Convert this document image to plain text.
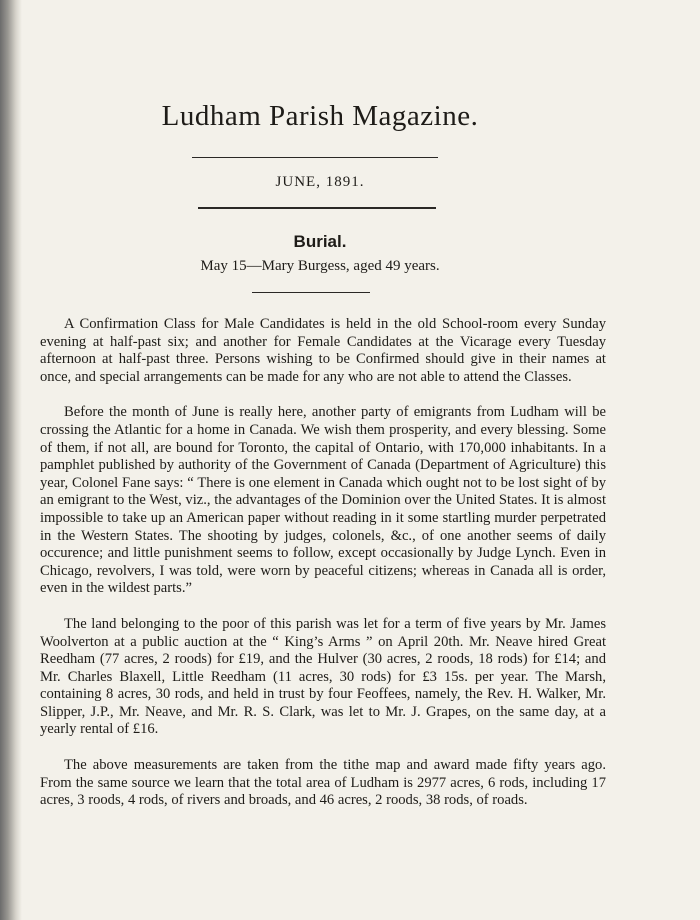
Ludham Parish Magazine.
JUNE, 1891.
Burial.
May 15—Mary Burgess, aged 49 years.

A Confirmation Class for Male Candidates is held in the old School-room every Sunday evening at half-past six; and another for Female Candidates at the Vicarage every Tuesday afternoon at half-past three. Persons wishing to be Confirmed should give in their names at once, and special arrangements can be made for any who are not able to attend the Classes.

Before the month of June is really here, another party of emigrants from Ludham will be crossing the Atlantic for a home in Canada. We wish them prosperity, and every blessing. Some of them, if not all, are bound for Toronto, the capital of Ontario, with 170,000 inhabitants. In a pamphlet published by authority of the Government of Canada (Department of Agriculture) this year, Colonel Fane says: “ There is one element in Canada which ought not to be lost sight of by an emigrant to the West, viz., the advantages of the Dominion over the United States. It is almost impossible to take up an American paper without reading in it some startling murder perpetrated in the Western States. The shooting by judges, colonels, &c., of one another seems of daily occurence; and little punishment seems to follow, except occasionally by Judge Lynch. Even in Chicago, revolvers, I was told, were worn by peaceful citizens; whereas in Canada all is order, even in the wildest parts.”

The land belonging to the poor of this parish was let for a term of five years by Mr. James Woolverton at a public auction at the “ King’s Arms ” on April 20th. Mr. Neave hired Great Reedham (77 acres, 2 roods) for £19, and the Hulver (30 acres, 2 roods, 18 rods) for £14; and Mr. Charles Blaxell, Little Reedham (11 acres, 30 rods) for £3 15s. per year. The Marsh, containing 8 acres, 30 rods, and held in trust by four Feoffees, namely, the Rev. H. Walker, Mr. Slipper, J.P., Mr. Neave, and Mr. R. S. Clark, was let to Mr. J. Grapes, on the same day, at a yearly rental of £16.

The above measurements are taken from the tithe map and award made fifty years ago. From the same source we learn that the total area of Ludham is 2977 acres, 6 rods, including 17 acres, 3 roods, 4 rods, of rivers and broads, and 46 acres, 2 roods, 38 rods, of roads.
